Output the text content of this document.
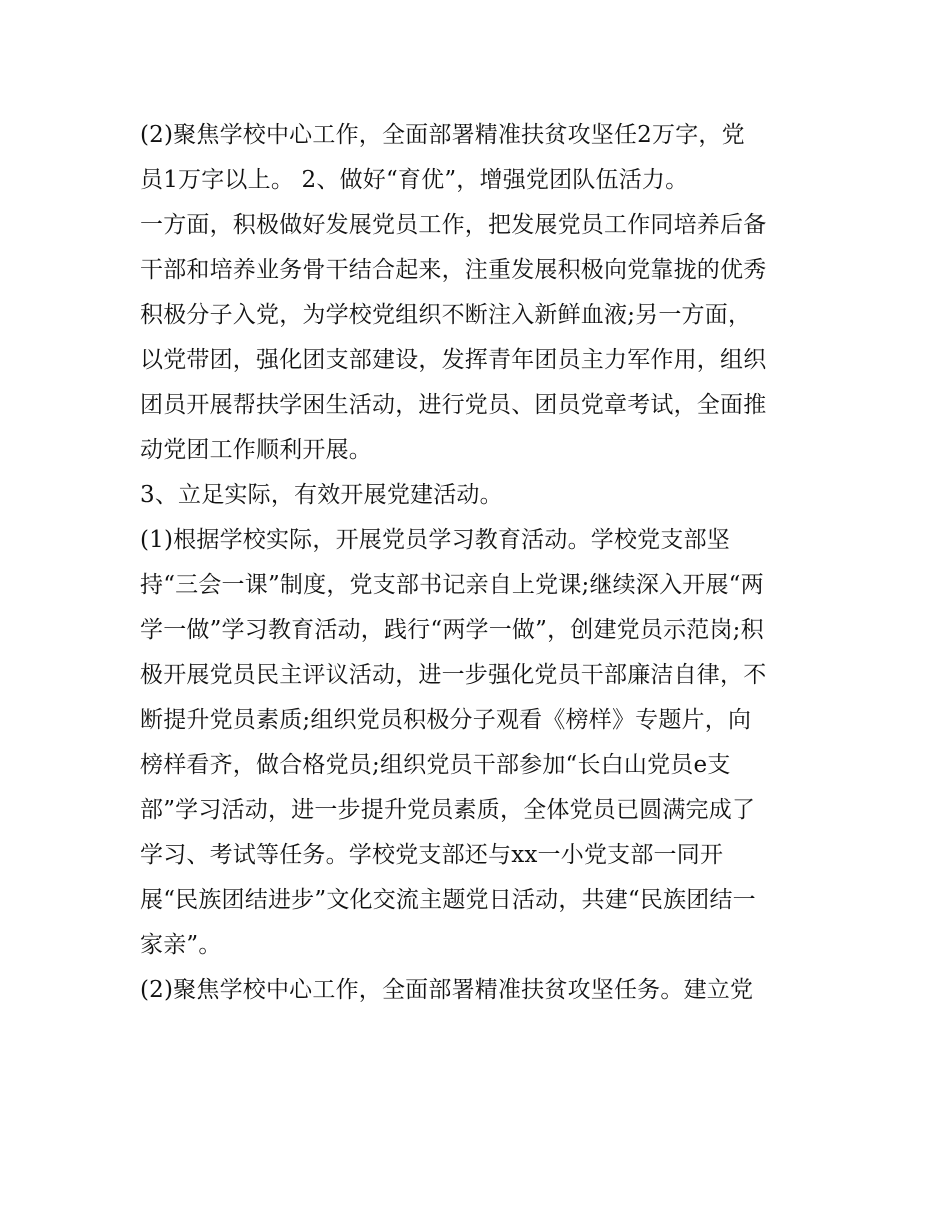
(2)聚焦学校中心工作，全面部署精准扶贫攻坚任2万字，党
员1万字以上。 2、做好“育优”，增强党团队伍活力。
一方面，积极做好发展党员工作，把发展党员工作同培养后备
干部和培养业务骨干结合起来，注重发展积极向党靠拢的优秀
积极分子入党，为学校党组织不断注入新鲜血液;另一方面，
以党带团，强化团支部建设，发挥青年团员主力军作用，组织
团员开展帮扶学困生活动，进行党员、团员党章考试，全面推
动党团工作顺利开展。
3、立足实际，有效开展党建活动。
(1)根据学校实际，开展党员学习教育活动。学校党支部坚
持“三会一课”制度，党支部书记亲自上党课;继续深入开展“两
学一做”学习教育活动，践行“两学一做”，创建党员示范岗;积
极开展党员民主评议活动，进一步强化党员干部廉洁自律，不
断提升党员素质;组织党员积极分子观看《榜样》专题片，向
榜样看齐，做合格党员;组织党员干部参加“长白山党员e支
部”学习活动，进一步提升党员素质，全体党员已圆满完成了
学习、考试等任务。学校党支部还与xx一小党支部一同开
展“民族团结进步”文化交流主题党日活动，共建“民族团结一
家亲”。
(2)聚焦学校中心工作，全面部署精准扶贫攻坚任务。建立党
